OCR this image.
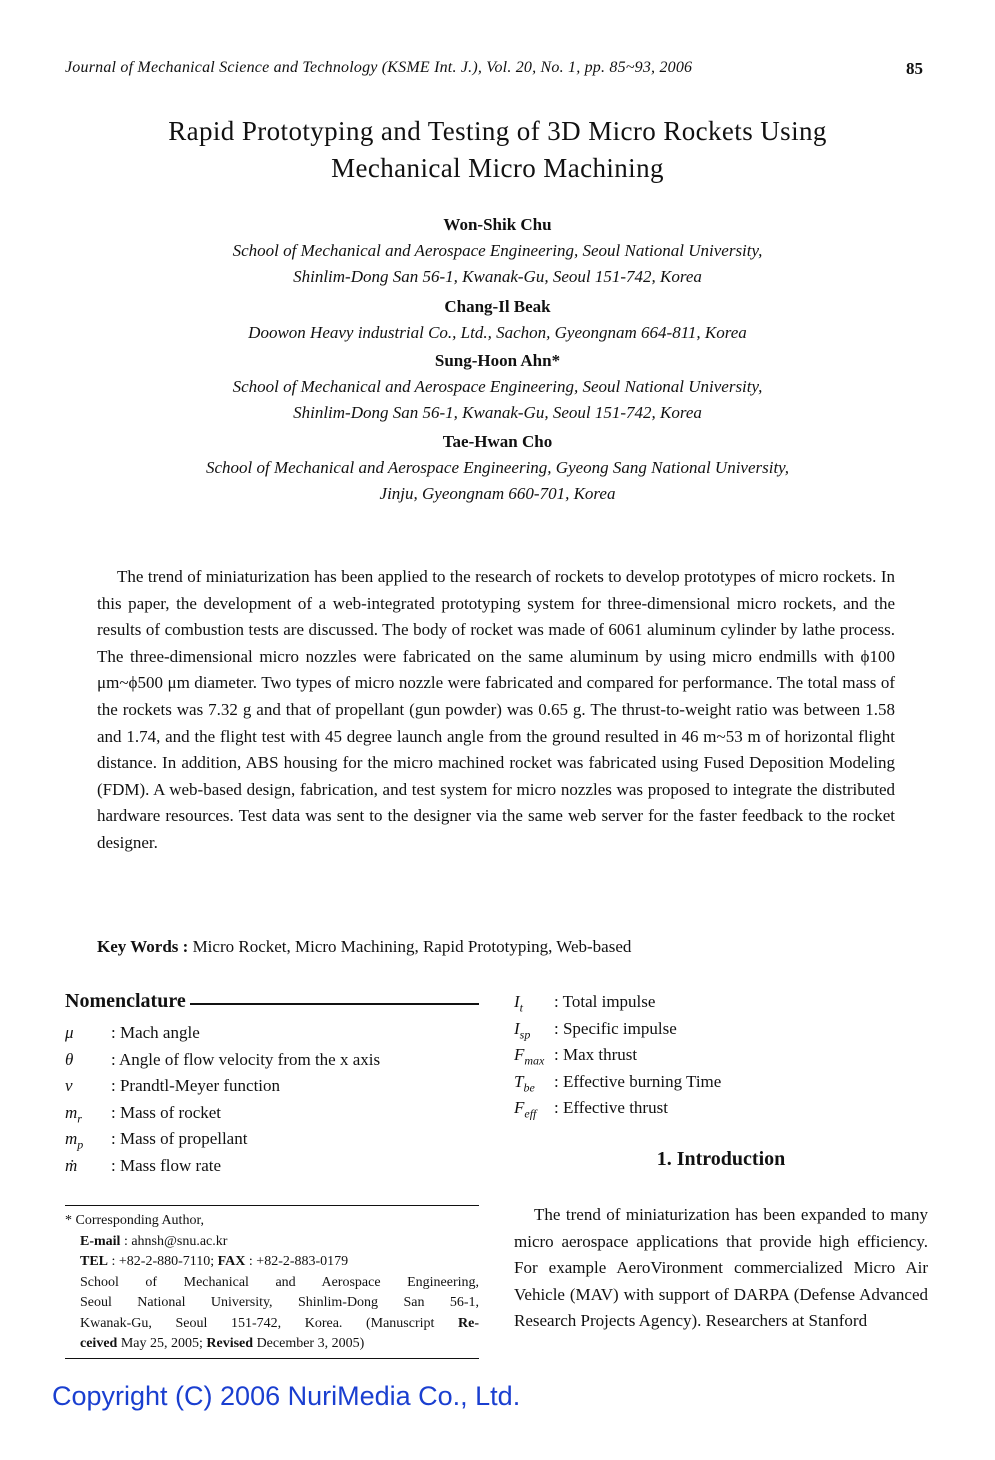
Journal of Mechanical Science and Technology (KSME Int. J.), Vol. 20, No. 1, pp. 85~93, 2006	85
Rapid Prototyping and Testing of 3D Micro Rockets Using
Mechanical Micro Machining
Won-Shik Chu
School of Mechanical and Aerospace Engineering, Seoul National University,
Shinlim-Dong San 56-1, Kwanak-Gu, Seoul 151-742, Korea
Chang-Il Beak
Doowon Heavy industrial Co., Ltd., Sachon, Gyeongnam 664-811, Korea
Sung-Hoon Ahn*
School of Mechanical and Aerospace Engineering, Seoul National University,
Shinlim-Dong San 56-1, Kwanak-Gu, Seoul 151-742, Korea
Tae-Hwan Cho
School of Mechanical and Aerospace Engineering, Gyeong Sang National University,
Jinju, Gyeongnam 660-701, Korea
The trend of miniaturization has been applied to the research of rockets to develop prototypes of micro rockets. In this paper, the development of a web-integrated prototyping system for three-dimensional micro rockets, and the results of combustion tests are discussed. The body of rocket was made of 6061 aluminum cylinder by lathe process. The three-dimensional micro nozzles were fabricated on the same aluminum by using micro endmills with ϕ100 μm~ϕ500 μm diameter. Two types of micro nozzle were fabricated and compared for performance. The total mass of the rockets was 7.32 g and that of propellant (gun powder) was 0.65 g. The thrust-to-weight ratio was between 1.58 and 1.74, and the flight test with 45 degree launch angle from the ground resulted in 46 m~53 m of horizontal flight distance. In addition, ABS housing for the micro machined rocket was fabricated using Fused Deposition Modeling (FDM). A web-based design, fabrication, and test system for micro nozzles was proposed to integrate the distributed hardware resources. Test data was sent to the designer via the same web server for the faster feedback to the rocket designer.
Key Words : Micro Rocket, Micro Machining, Rapid Prototyping, Web-based
Nomenclature
μ	: Mach angle
θ	: Angle of flow velocity from the x axis
ν	: Prandtl-Meyer function
$m_r$	: Mass of rocket
$m_p$	: Mass of propellant
ṁ	: Mass flow rate
$I_t$	: Total impulse
$I_{sp}$	: Specific impulse
$F_{max}$ : Max thrust
$T_{be}$	: Effective burning Time
$F_{eff}$	: Effective thrust
* Corresponding Author,
E-mail : ahnsh@snu.ac.kr
TEL : +82-2-880-7110; FAX : +82-2-883-0179
School of Mechanical and Aerospace Engineering,
Seoul National University, Shinlim-Dong San 56-1,
Kwanak-Gu, Seoul 151-742, Korea. (Manuscript Re-
ceived May 25, 2005; Revised December 3, 2005)
1. Introduction
The trend of miniaturization has been expanded to many micro aerospace applications that provide high efficiency. For example AeroVironment commercialized Micro Air Vehicle (MAV) with support of DARPA (Defense Advanced Research Projects Agency). Researchers at Stanford
Copyright (C) 2006 NuriMedia Co., Ltd.
